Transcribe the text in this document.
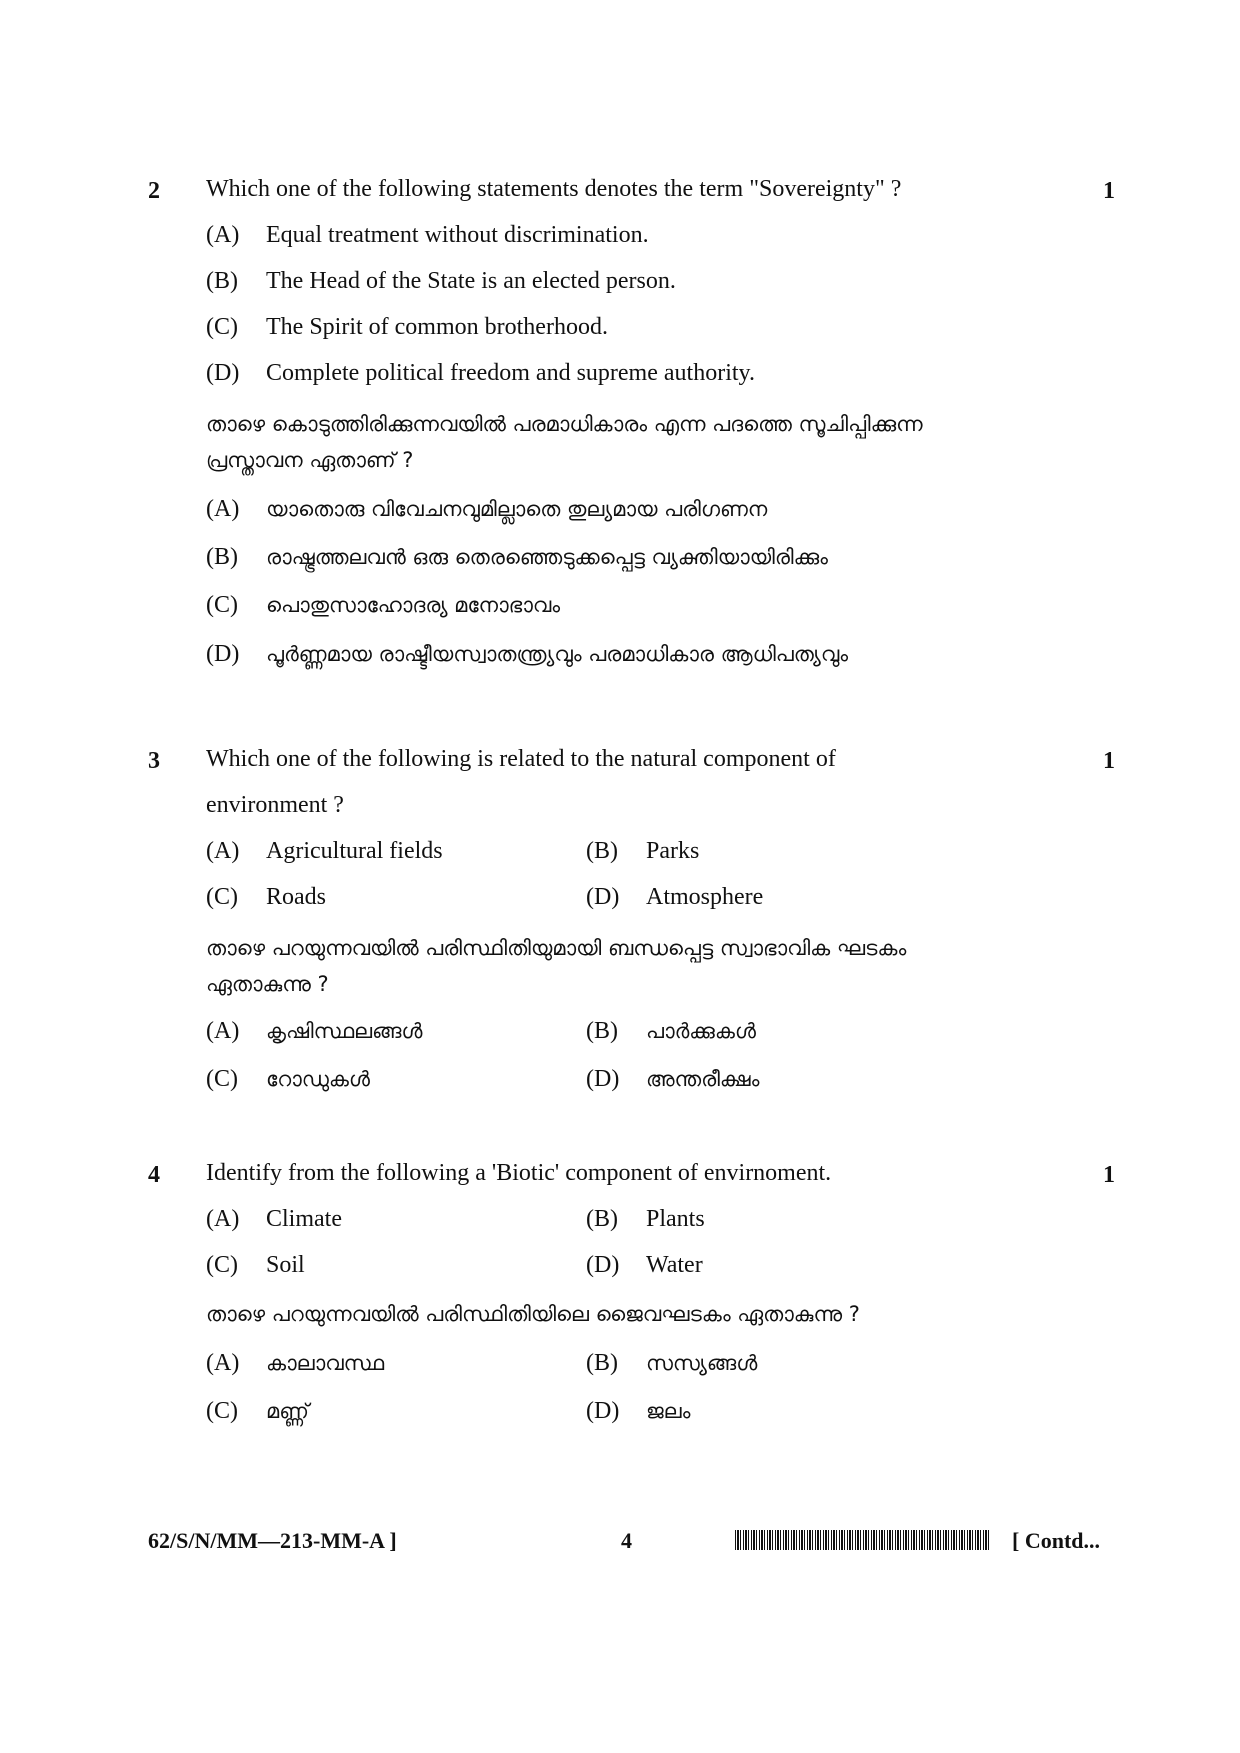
2 Which one of the following statements denotes the term "Sovereignty" ?	1
(A) Equal treatment without discrimination.
(B) The Head of the State is an elected person.
(C) The Spirit of common brotherhood.
(D) Complete political freedom and supreme authority.
താഴെ കൊടുത്തിരിക്കുന്നവയിൽ പരമാധികാരം എന്ന പദത്തെ സൂചിപ്പിക്കുന്ന
പ്രസ്താവന ഏതാണ് ?
(A) യാതൊരു വിവേചനവുമില്ലാതെ തുല്യമായ പരിഗണന
(B) രാഷ്ട്രത്തലവൻ ഒരു തെരഞ്ഞെടുക്കപ്പെട്ട വ്യക്തിയായിരിക്കും
(C) പൊതുസാഹോദര്യ മനോഭാവം
(D) പൂർണ്ണമായ രാഷ്ടീയസ്വാതന്ത്ര്യവും പരമാധികാര ആധിപത്യവും
3 Which one of the following is related to the natural component of
environment ?
1
(A) Agricultural fields	(B) Parks
(C) Roads	(D) Atmosphere
താഴെ പറയുന്നവയിൽ പരിസ്ഥിതിയുമായി ബന്ധപ്പെട്ട സ്വാഭാവിക ഘടകം
ഏതാകുന്നു ?
(A) കൃഷിസ്ഥലങ്ങൾ	(B) പാർക്കുകൾ
(C) റോഡുകൾ	(D) അന്തരീക്ഷം
4 Identify from the following a 'Biotic' component of envirnoment.	1
(A) Climate	(B) Plants
(C) Soil	(D) Water
താഴെ പറയുന്നവയിൽ പരിസ്ഥിതിയിലെ ജൈവഘടകം ഏതാകുന്നു ?
(A) കാലാവസ്ഥ	(B) സസ്യങ്ങൾ
(C) മണ്ണ്	(D) ജലം
62/S/N/MM—213-MM-A ]	4	[ Contd...
